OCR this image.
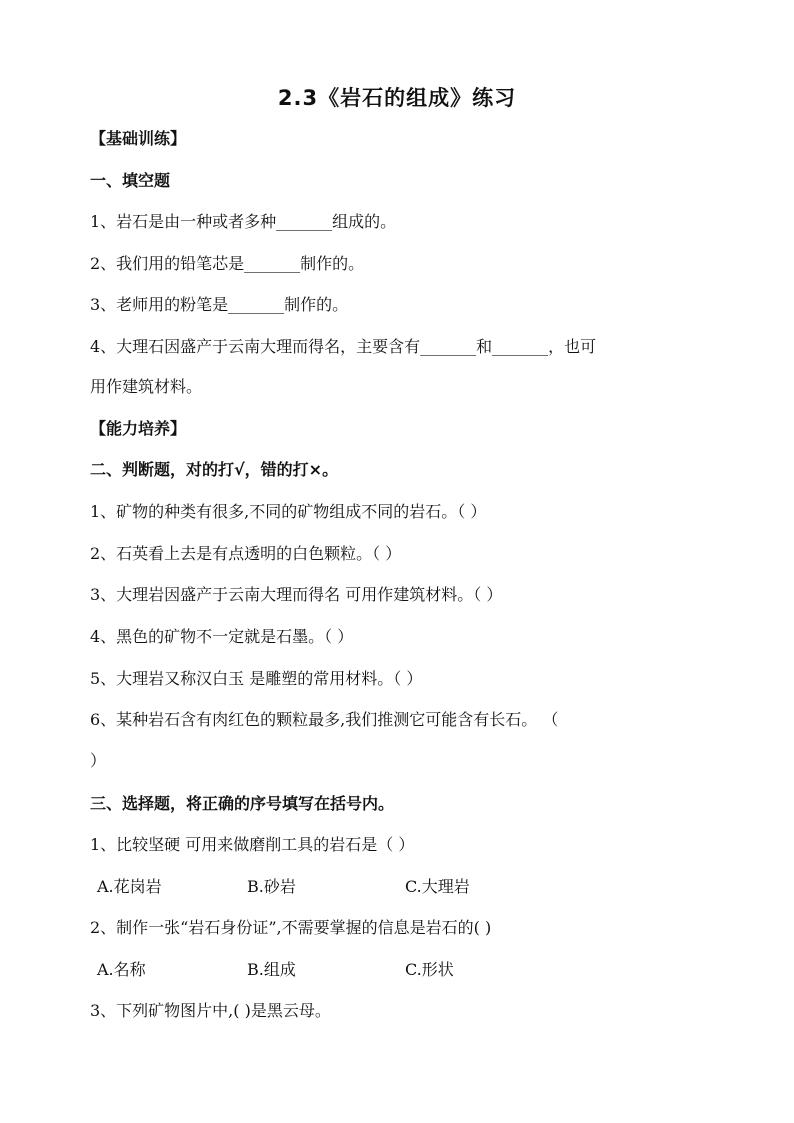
2.3《岩石的组成》练习
【基础训练】
一、填空题
1、岩石是由一种或者多种_______组成的。
2、我们用的铅笔芯是_______制作的。
3、老师用的粉笔是_______制作的。
4、大理石因盛产于云南大理而得名，主要含有_______和_______，也可
用作建筑材料。
【能力培养】
二、判断题，对的打√，错的打×。
1、矿物的种类有很多,不同的矿物组成不同的岩石。（ ）
2、石英看上去是有点透明的白色颗粒。（ ）
3、大理岩因盛产于云南大理而得名 可用作建筑材料。（ ）
4、黑色的矿物不一定就是石墨。（ ）
5、大理岩又称汉白玉 是雕塑的常用材料。（ ）
6、某种岩石含有肉红色的颗粒最多,我们推测它可能含有长石。 （
）
三、选择题，将正确的序号填写在括号内。
1、比较坚硬 可用来做磨削工具的岩石是（ ）
A.花岗岩	B.砂岩	C.大理岩
2、制作一张“岩石身份证”,不需要掌握的信息是岩石的( )
A.名称	B.组成	C.形状
3、下列矿物图片中,( )是黑云母。
